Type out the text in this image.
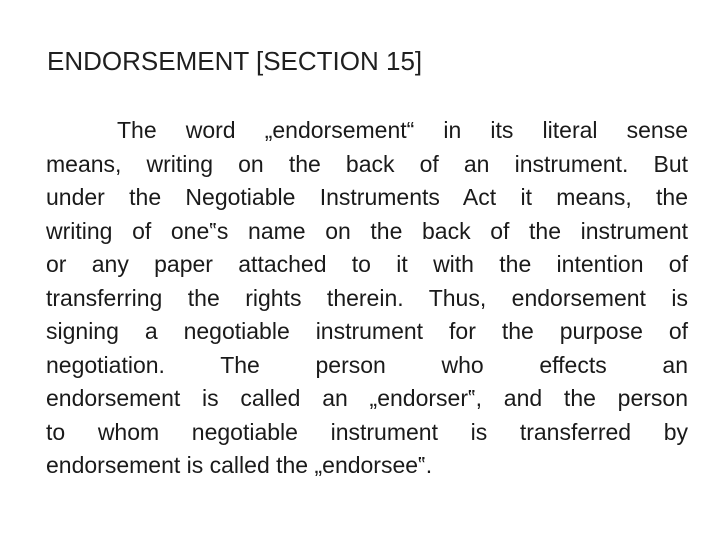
ENDORSEMENT [SECTION 15]
The word „endorsement“ in its literal sense
means, writing on the back of an instrument. But
under the Negotiable Instruments Act it means, the
writing of one‟s name on the back of the instrument
or any paper attached to it with the intention of
transferring the rights therein. Thus, endorsement is
signing a negotiable instrument for the purpose of
negotiation. The person who effects an
endorsement is called an „endorser‟, and the person
to whom negotiable instrument is transferred by
endorsement is called the „endorsee‟.
